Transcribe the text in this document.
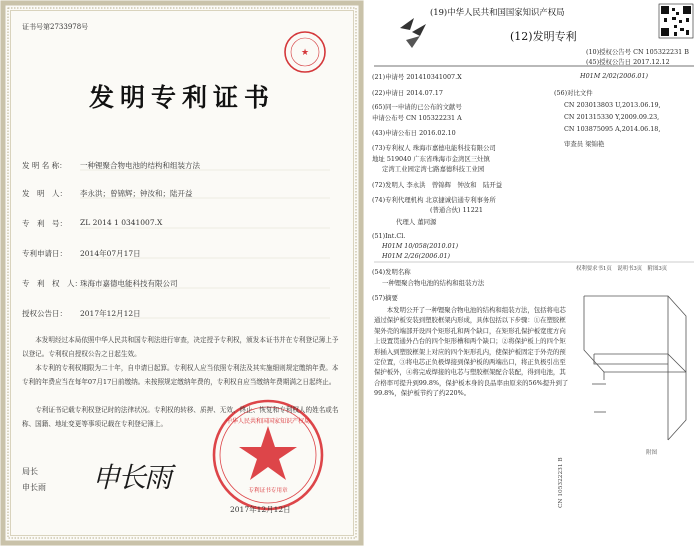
★
证书号第2733978号
发明专利证书
发 明 名 称： 一种锂聚合物电池的结构和组装方法
发　明　人： 李永洪；曾锦辉；钟汝和；陆开益
专　利　号： ZL 2014 1 0341007.X
专利申请日： 2014年07月17日
专　利　权　人：
珠海市嘉德电能科技有限公司
授权公告日： 2017年12月12日
本发明经过本局依照中华人民共和国专利法进行审查，决定授予专利权，颁发本证书并在专利登记簿上予以登记。专利权自授权公告之日起生效。
本专利的专利权期限为二十年，自申请日起算。专利权人应当依照专利法及其实施细则规定缴纳年费。本专利的年费应当在每年07月17日前缴纳。未按照规定缴纳年费的，专利权自应当缴纳年费期满之日起终止。
专利证书记载专利权登记时的法律状况。专利权的转移、质押、无效、终止、恢复和专利权人的姓名或名称、国籍、地址变更等事项记载在专利登记簿上。
局长
申长雨 申长雨
中华人民共和国国家知识产权局
专利证书专用章
2017年12月12日
(19)中华人民共和国国家知识产权局
(12)发明专利
(10)授权公告号 CN 105322231 B
(45)授权公告日 2017.12.12
(21)申请号 201410341007.X
(22)申请日 2014.07.17
(65)同一申请的已公布的文献号
申请公布号 CN 105322231 A
(43)申请公布日 2016.02.10
(73)专利权人 珠海市嘉德电能科技有限公司
地址 519040 广东省珠海市金湾区三灶镇
定湾工业园定湾七路嘉德科技工业园
(72)发明人 李永洪　曾锦辉　钟汝和　陆开益
(74)专利代理机构 北京捷诚信通专利事务所
(普通合伙) 11221
代理人 董同源
(51)Int.Cl.
H01M 10/058(2010.01)
H01M 2/26(2006.01)
H01M 2/02(2006.01)
(56)对比文件
CN 203013803 U,2013.06.19,
CN 201315330 Y,2009.09.23,
CN 103875095 A,2014.06.18,
审查员 梁锦艳
权利要求书1页　说明书3页　附图3页
(54)发明名称
一种锂聚合物电池的结构和组装方法
(57)摘要
本发明公开了一种锂聚合物电池的结构和组装方法，包括将电芯通过保护板安装到塑胶框架内形成，具体包括以下步骤：①在塑胶框架外壳的端部开设四个矩形孔和两个缺口，在矩形孔保护板宽度方向上设置贯通外凸台的四个矩形槽和两个缺口；②将保护板上的四个矩形插入到塑胶框架上对应的四个矩形孔内，使保护板固定于外壳的预定位置，③将电芯正负极焊接到保护板的两端出口，将正负极引出至保护板外，④将完成焊接的电芯与塑胶框架配合装配，得到电池，其合格率可提升到99.8%，保护板本身的良品率由原来的56%提升到了99.8%，保护板节约了约220%。
附图
CN 105322231 B
